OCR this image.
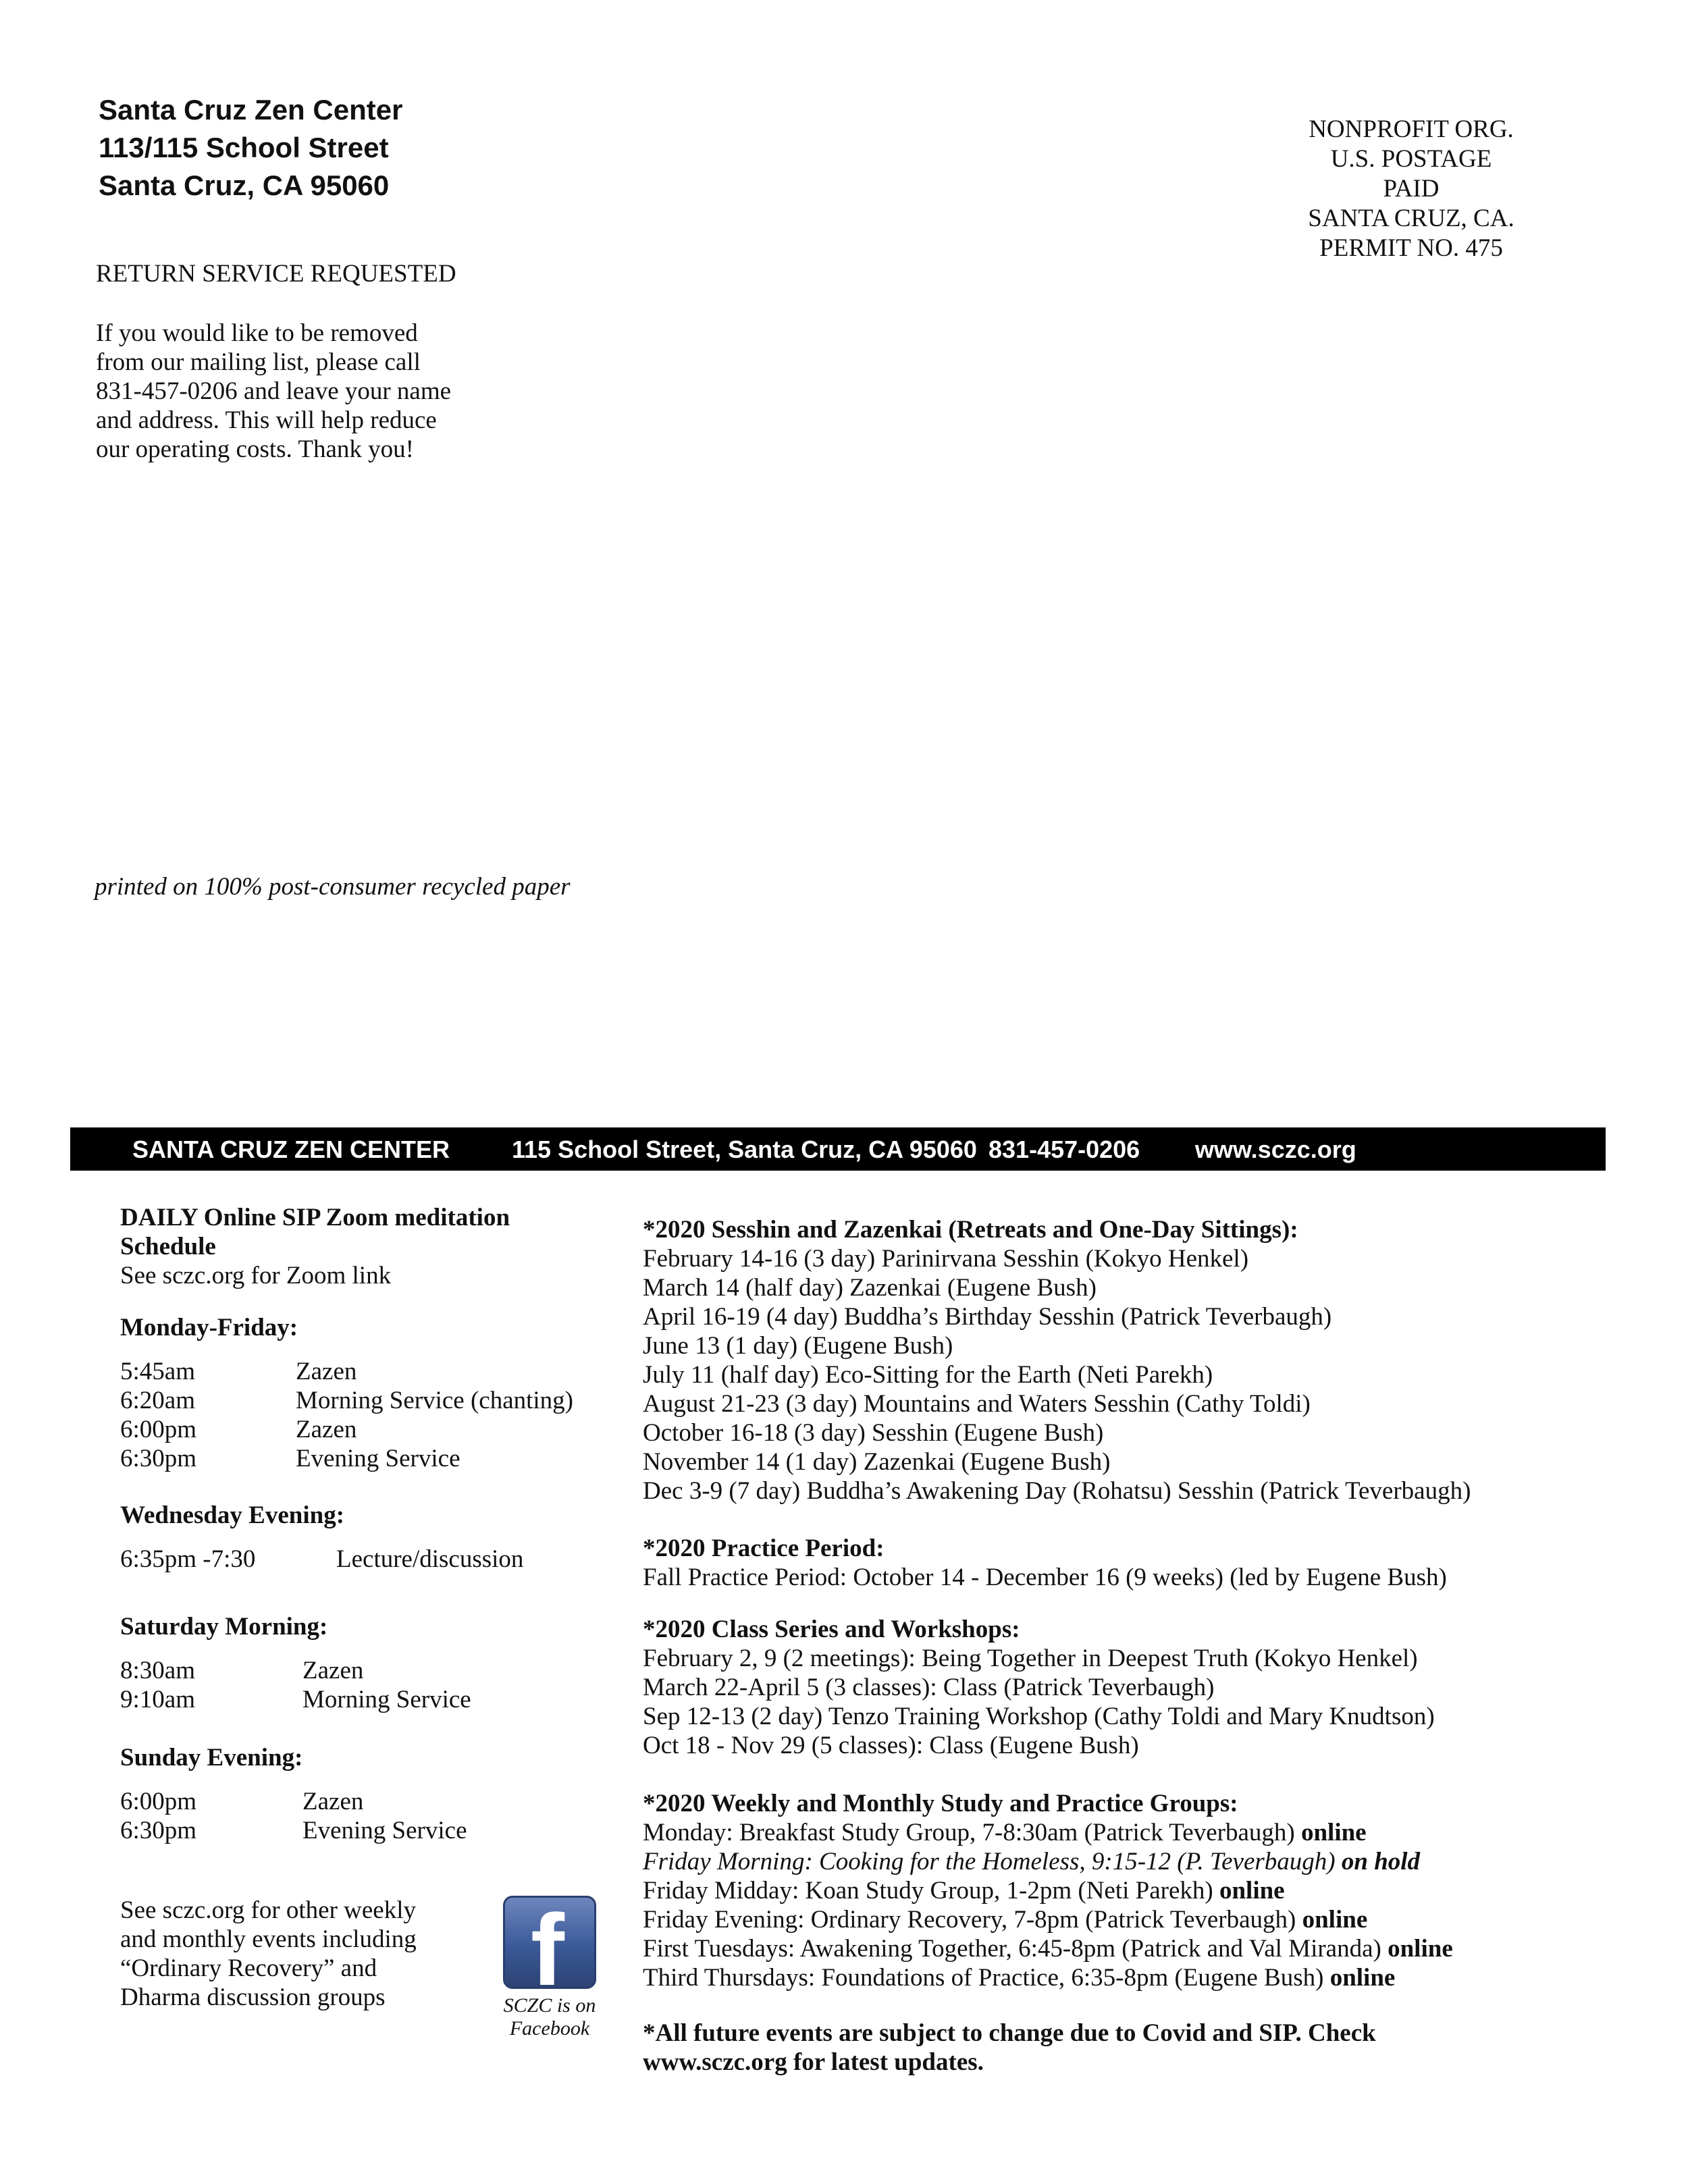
Santa Cruz Zen Center
113/115 School Street
Santa Cruz, CA 95060
NONPROFIT ORG.
U.S. POSTAGE
PAID
SANTA CRUZ, CA.
PERMIT NO. 475
RETURN SERVICE REQUESTED
If you would like to be removed
from our mailing list, please call
831-457-0206 and leave your name
and address. This will help reduce
our operating costs. Thank you!
printed on 100% post-consumer recycled paper
SANTA CRUZ ZEN CENTER	115 School Street, Santa Cruz, CA 95060 831-457-0206 www.sczc.org
DAILY Online SIP Zoom meditation
Schedule
See sczc.org for Zoom link
Monday-Friday:
5:45am	Zazen
6:20am	Morning Service (chanting)
6:00pm	Zazen
6:30pm	Evening Service
Wednesday Evening:
6:35pm -7:30	Lecture/discussion
Saturday Morning:
8:30am	Zazen
9:10am	Morning Service
Sunday Evening:
6:00pm	Zazen
6:30pm	Evening Service
See sczc.org for other weekly
and monthly events including
“Ordinary Recovery” and
Dharma discussion groups	f
SCZC is on
Facebook
*2020 Sesshin and Zazenkai (Retreats and One-Day Sittings):
February 14-16 (3 day) Parinirvana Sesshin (Kokyo Henkel)
March 14 (half day) Zazenkai (Eugene Bush)
April 16-19 (4 day) Buddha’s Birthday Sesshin (Patrick Teverbaugh)
June 13 (1 day) (Eugene Bush)
July 11 (half day) Eco-Sitting for the Earth (Neti Parekh)
August 21-23 (3 day) Mountains and Waters Sesshin (Cathy Toldi)
October 16-18 (3 day) Sesshin (Eugene Bush)
November 14 (1 day) Zazenkai (Eugene Bush)
Dec 3-9 (7 day) Buddha’s Awakening Day (Rohatsu) Sesshin (Patrick Teverbaugh)
*2020 Practice Period:
Fall Practice Period: October 14 - December 16 (9 weeks) (led by Eugene Bush)
*2020 Class Series and Workshops:
February 2, 9 (2 meetings): Being Together in Deepest Truth (Kokyo Henkel)
March 22-April 5 (3 classes): Class (Patrick Teverbaugh)
Sep 12-13 (2 day) Tenzo Training Workshop (Cathy Toldi and Mary Knudtson)
Oct 18 - Nov 29 (5 classes): Class (Eugene Bush)
*2020 Weekly and Monthly Study and Practice Groups:
Monday: Breakfast Study Group, 7-8:30am (Patrick Teverbaugh) online
Friday Morning: Cooking for the Homeless, 9:15-12 (P. Teverbaugh) on hold
Friday Midday: Koan Study Group, 1-2pm (Neti Parekh) online
Friday Evening: Ordinary Recovery, 7-8pm (Patrick Teverbaugh) online
First Tuesdays: Awakening Together, 6:45-8pm (Patrick and Val Miranda) online
Third Thursdays: Foundations of Practice, 6:35-8pm (Eugene Bush) online
*All future events are subject to change due to Covid and SIP. Check
www.sczc.org for latest updates.
